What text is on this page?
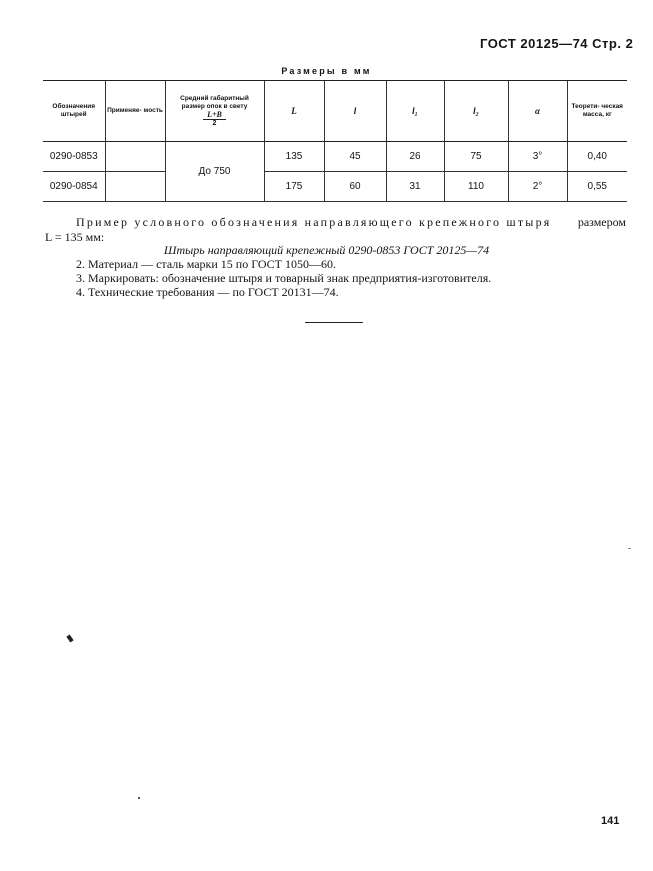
ГОСТ 20125—74 Стр. 2
Размеры в мм
Обозначения штырей	Применяе- мость	Средний габаритный
размер опок в свету
$\frac{L+B}{2}$	L	l	l₁	l₂	α	Теорети- ческая масса, кг
0290-0853		До 750	135	45	26	75	3°	0,40
0290-0854			175	60	31	110	2°	0,55
Пример условного обозначения направляющего крепежного штыря размером
L = 135 мм:
Штырь направляющий крепежный 0290-0853 ГОСТ 20125—74
2. Материал — сталь марки 15 по ГОСТ 1050—60.
3. Маркировать: обозначение штыря и товарный знак предприятия-изготовителя.
4. Технические требования — по ГОСТ 20131—74.
141
